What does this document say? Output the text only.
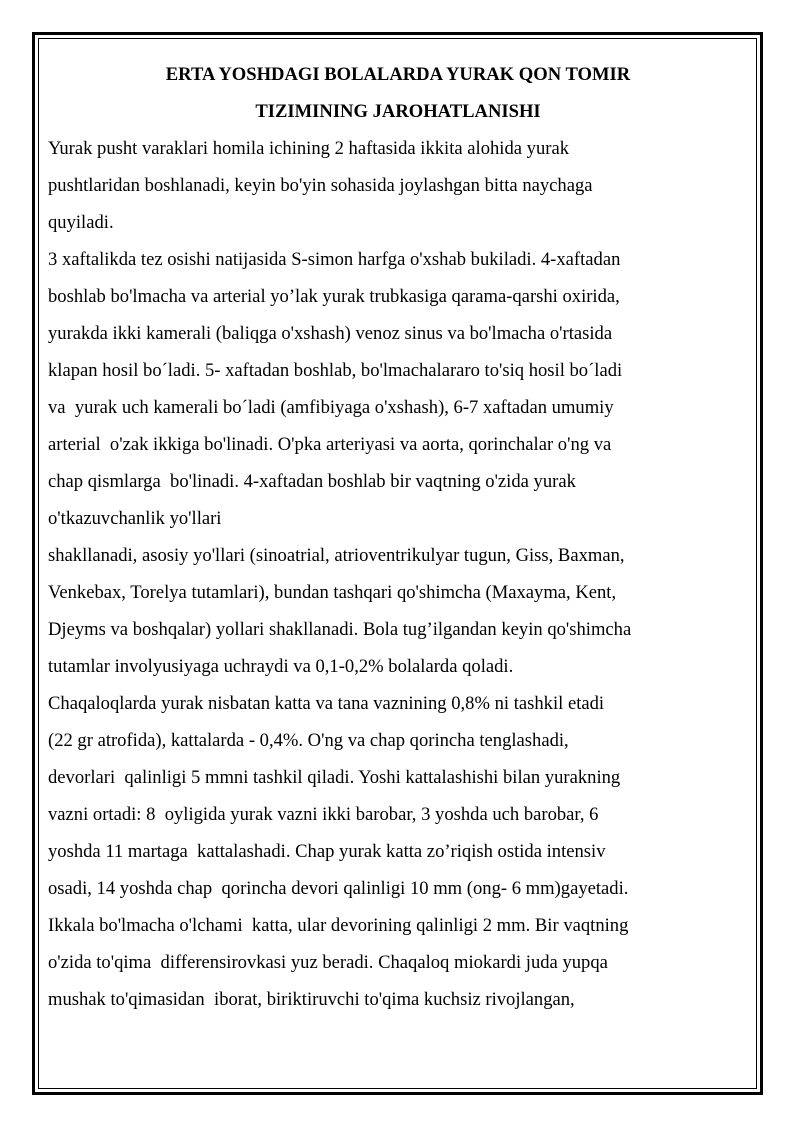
ERTA YOSHDAGI BOLALARDA YURAK QON TOMIR
TIZIMINING JAROHATLANISHI
Yurak pusht varaklari homila ichining 2 haftasida ikkita alohida yurak
pushtlaridan boshlanadi, keyin bo'yin sohasida joylashgan bitta naychaga
quyiladi.
3 xaftalikda tez osishi natijasida S-simon harfga o'xshab bukiladi. 4-xaftadan
boshlab bo'lmacha va arterial yo’lak yurak trubkasiga qarama-qarshi oxirida,
yurakda ikki kamerali (baliqga o'xshash) venoz sinus va bo'lmacha o'rtasida
klapan hosil bo´ladi. 5- xaftadan boshlab, bo'lmachalararo to'siq hosil bo´ladi
va  yurak uch kamerali bo´ladi (amfibiyaga o'xshash), 6-7 xaftadan umumiy
arterial  o'zak ikkiga bo'linadi. O'pka arteriyasi va aorta, qorinchalar o'ng va
chap qismlarga  bo'linadi. 4-xaftadan boshlab bir vaqtning o'zida yurak
o'tkazuvchanlik yo'llari
shakllanadi, asosiy yo'llari (sinoatrial, atrioventrikulyar tugun, Giss, Baxman,
Venkebax, Torelya tutamlari), bundan tashqari qo'shimcha (Maxayma, Kent,
Djeyms va boshqalar) yollari shakllanadi. Bola tug’ilgandan keyin qo'shimcha
tutamlar involyusiyaga uchraydi va 0,1-0,2% bolalarda qoladi.
Chaqaloqlarda yurak nisbatan katta va tana vaznining 0,8% ni tashkil etadi
(22 gr atrofida), kattalarda - 0,4%. O'ng va chap qorincha tenglashadi,
devorlari  qalinligi 5 mmni tashkil qiladi. Yoshi kattalashishi bilan yurakning
vazni ortadi: 8  oyligida yurak vazni ikki barobar, 3 yoshda uch barobar, 6
yoshda 11 martaga  kattalashadi. Chap yurak katta zo’riqish ostida intensiv
osadi, 14 yoshda chap  qorincha devori qalinligi 10 mm (ong- 6 mm)gayetadi.
Ikkala bo'lmacha o'lchami  katta, ular devorining qalinligi 2 mm. Bir vaqtning
o'zida to'qima  differensirovkasi yuz beradi. Chaqaloq miokardi juda yupqa
mushak to'qimasidan  iborat, biriktiruvchi to'qima kuchsiz rivojlangan,
